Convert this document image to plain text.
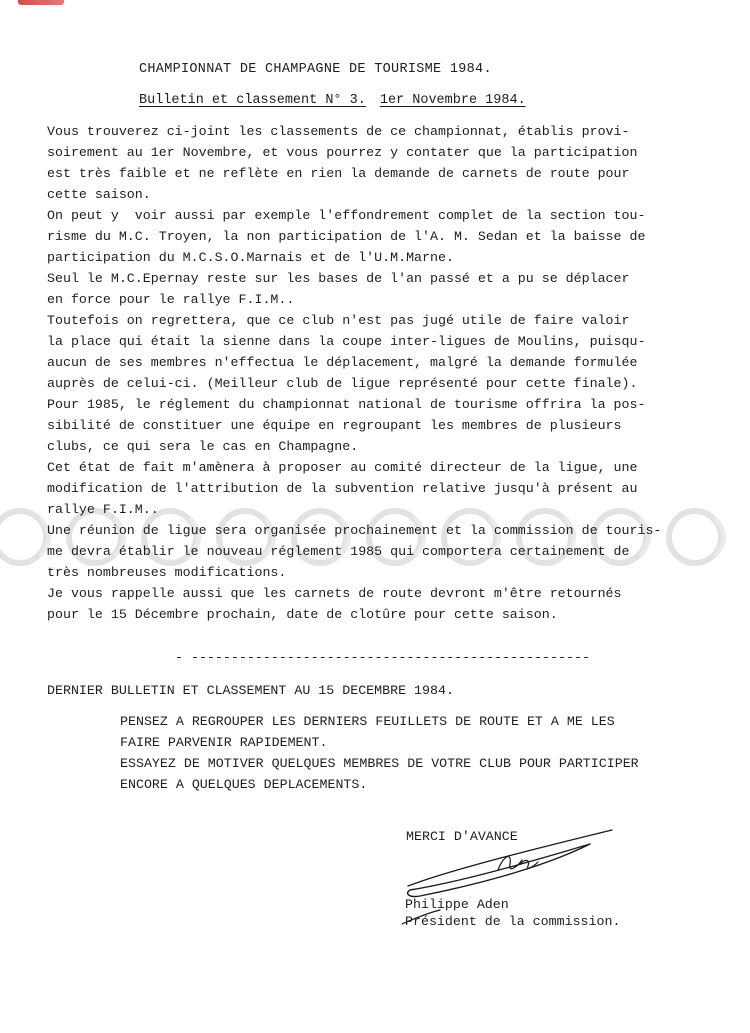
CHAMPIONNAT DE CHAMPAGNE DE TOURISME 1984.
Bulletin et classement N° 3. 1er Novembre 1984.
Vous trouverez ci-joint les classements de ce championnat, établis provi-
soirement au 1er Novembre, et vous pourrez y contater que la participation
est très faible et ne reflète en rien la demande de carnets de route pour
cette saison.
On peut y  voir aussi par exemple l'effondrement complet de la section tou-
risme du M.C. Troyen, la non participation de l'A. M. Sedan et la baisse de
participation du M.C.S.O.Marnais et de l'U.M.Marne.
Seul le M.C.Epernay reste sur les bases de l'an passé et a pu se déplacer
en force pour le rallye F.I.M..
Toutefois on regrettera, que ce club n'est pas jugé utile de faire valoir
la place qui était la sienne dans la coupe inter-ligues de Moulins, puisqu-
aucun de ses membres n'effectua le déplacement, malgré la demande formulée
auprès de celui-ci. (Meilleur club de ligue représenté pour cette finale).
Pour 1985, le réglement du championnat national de tourisme offrira la pos-
sibilité de constituer une équipe en regroupant les membres de plusieurs
clubs, ce qui sera le cas en Champagne.
Cet état de fait m'amènera à proposer au comité directeur de la ligue, une
modification de l'attribution de la subvention relative jusqu'à présent au
rallye F.I.M..
Une réunion de ligue sera organisée prochainement et la commission de touris-
me devra établir le nouveau réglement 1985 qui comportera certainement de
très nombreuses modifications.
Je vous rappelle aussi que les carnets de route devront m'être retournés
pour le 15 Décembre prochain, date de clotûre pour cette saison.
- --------------------------------------------------
DERNIER BULLETIN ET CLASSEMENT AU 15 DECEMBRE 1984.
PENSEZ A REGROUPER LES DERNIERS FEUILLETS DE ROUTE ET A ME LES
FAIRE PARVENIR RAPIDEMENT.
ESSAYEZ DE MOTIVER QUELQUES MEMBRES DE VOTRE CLUB POUR PARTICIPER
ENCORE A QUELQUES DEPLACEMENTS.
MERCI D'AVANCE
Philippe Aden
Président de la commission.
